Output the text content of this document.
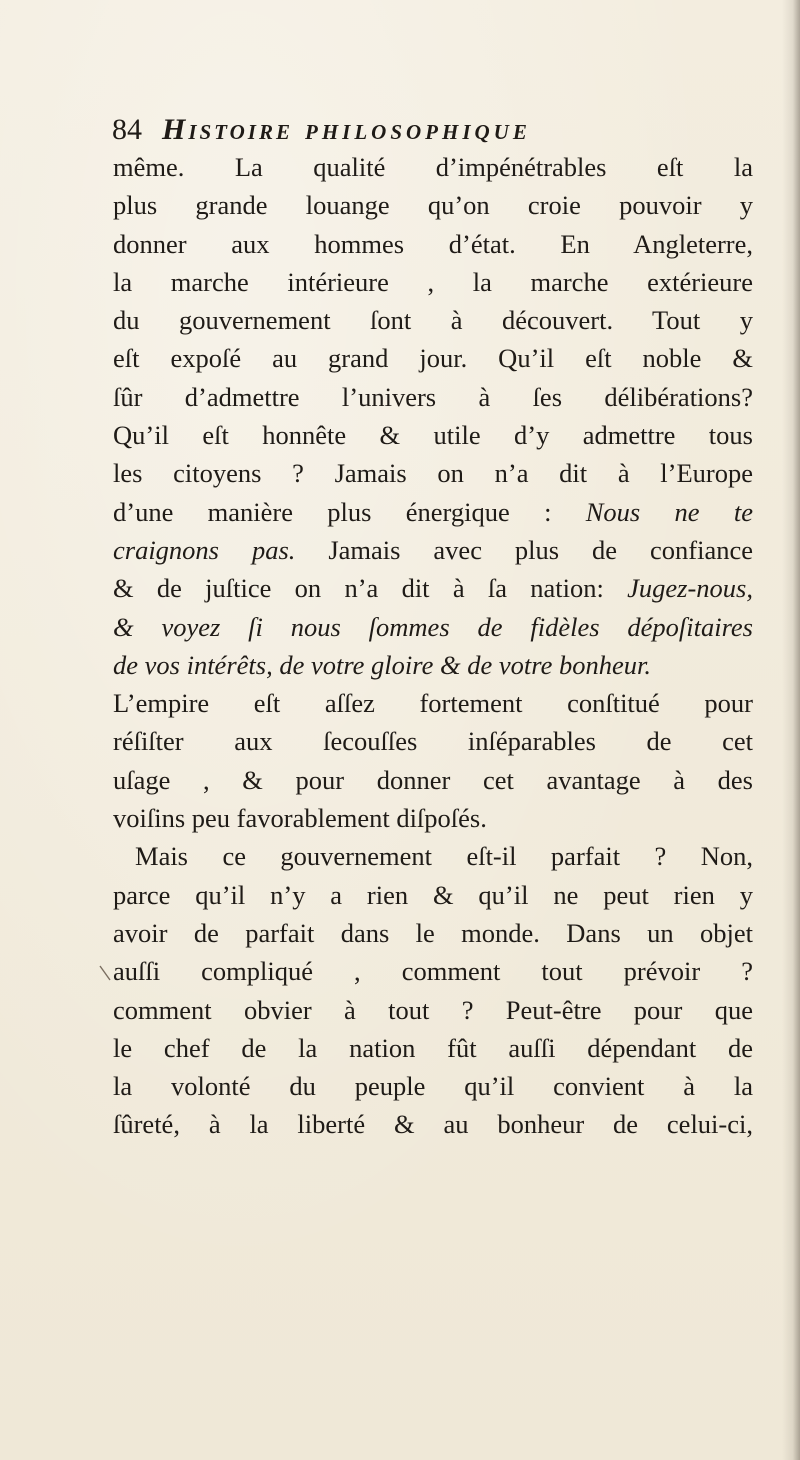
84 Histoire PHILOSOPHIQUE
même. La qualité d’impénétrables eſt la
plus grande louange qu’on croie pouvoir y
donner aux hommes d’état. En Angleterre,
la marche intérieure , la marche extérieure
du gouvernement ſont à découvert. Tout y
eſt expoſé au grand jour. Qu’il eſt noble &
ſûr d’admettre l’univers à ſes délibérations?
Qu’il eſt honnête & utile d’y admettre tous
les citoyens ? Jamais on n’a dit à l’Europe
d’une manière plus énergique : Nous ne te
craignons pas. Jamais avec plus de confiance
& de juſtice on n’a dit à ſa nation: Jugez-nous,
& voyez ſi nous ſommes de fidèles dépoſitaires
de vos intérêts, de votre gloire & de votre bonheur.
L’empire eſt aſſez fortement conſtitué pour
réſiſter aux ſecouſſes inſéparables de cet
uſage , & pour donner cet avantage à des
voiſins peu favorablement diſpoſés.
Mais ce gouvernement eſt-il parfait ? Non,
parce qu’il n’y a rien & qu’il ne peut rien y
avoir de parfait dans le monde. Dans un objet
auſſi compliqué , comment tout prévoir ?
comment obvier à tout ? Peut-être pour que
le chef de la nation fût auſſi dépendant de
la volonté du peuple qu’il convient à la
ſûreté, à la liberté & au bonheur de celui-ci,
